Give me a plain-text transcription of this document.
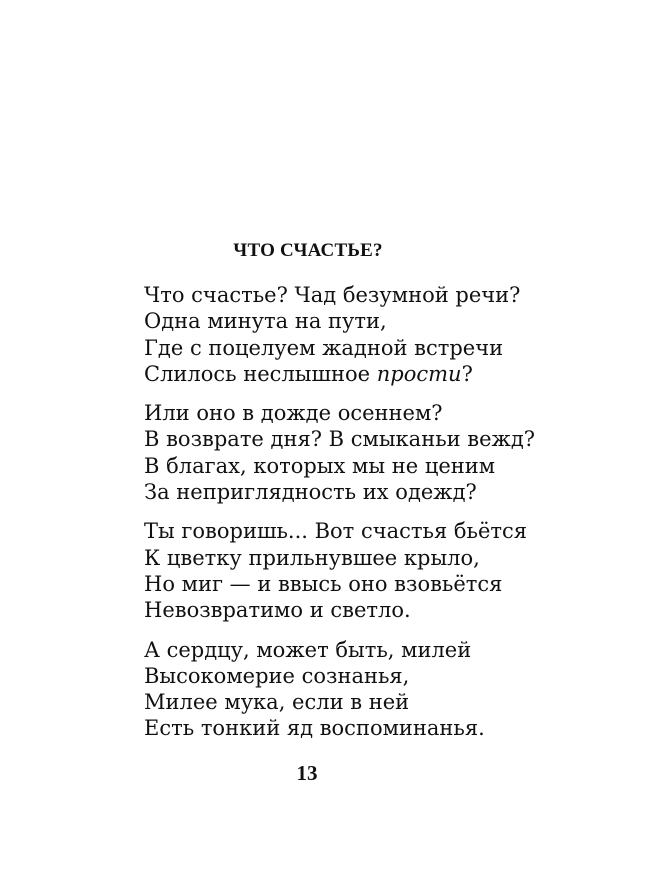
ЧТО СЧАСТЬЕ?
Что счастье? Чад безумной речи?
Одна минута на пути,
Где с поцелуем жадной встречи
Слилось неслышное прости?
Или оно в дожде осеннем?
В возврате дня? В смыканьи вежд?
В благах, которых мы не ценим
За неприглядность их одежд?
Ты говоришь... Вот счастья бьётся
К цветку прильнувшее крыло,
Но миг — и ввысь оно взовьётся
Невозвратимо и светло.
А сердцу, может быть, милей
Высокомерие сознанья,
Милее мука, если в ней
Есть тонкий яд воспоминанья.
13
